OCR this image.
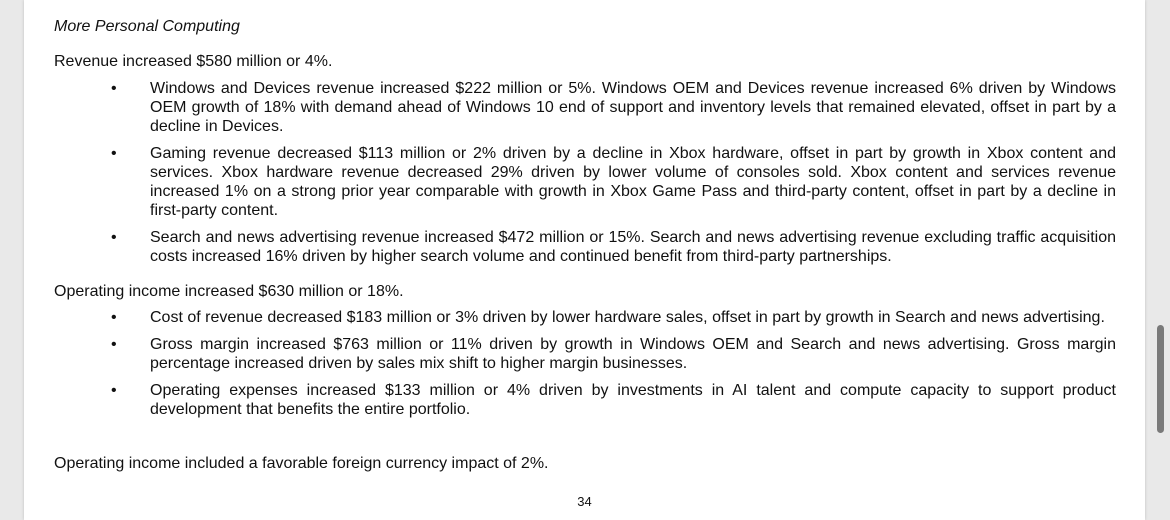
More Personal Computing
Revenue increased $580 million or 4%.
• Windows and Devices revenue increased $222 million or 5%. Windows OEM and Devices revenue increased 6% driven by Windows OEM growth of 18% with demand ahead of Windows 10 end of support and inventory levels that remained elevated, offset in part by a decline in Devices.
• Gaming revenue decreased $113 million or 2% driven by a decline in Xbox hardware, offset in part by growth in Xbox content and services. Xbox hardware revenue decreased 29% driven by lower volume of consoles sold. Xbox content and services revenue increased 1% on a strong prior year comparable with growth in Xbox Game Pass and third-party content, offset in part by a decline in first-party content.
• Search and news advertising revenue increased $472 million or 15%. Search and news advertising revenue excluding traffic acquisition costs increased 16% driven by higher search volume and continued benefit from third-party partnerships.
Operating income increased $630 million or 18%.
• Cost of revenue decreased $183 million or 3% driven by lower hardware sales, offset in part by growth in Search and news advertising.
• Gross margin increased $763 million or 11% driven by growth in Windows OEM and Search and news advertising. Gross margin percentage increased driven by sales mix shift to higher margin businesses.
• Operating expenses increased $133 million or 4% driven by investments in AI talent and compute capacity to support product development that benefits the entire portfolio.
Operating income included a favorable foreign currency impact of 2%.
34
